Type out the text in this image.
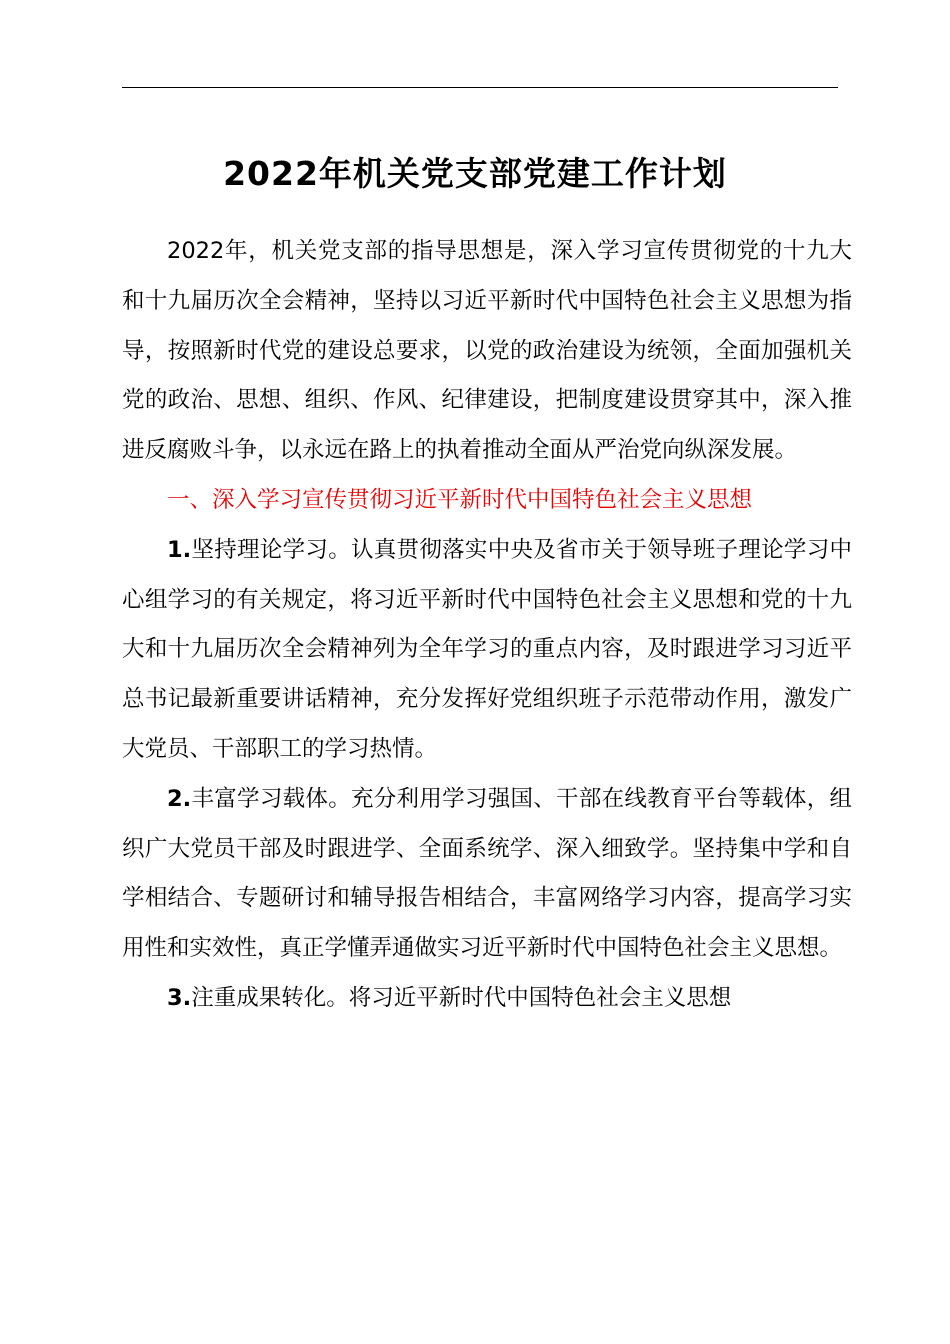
2022年机关党支部党建工作计划

2022年，机关党支部的指导思想是，深入学习宣传贯彻党的十九大和十九届历次全会精神，坚持以习近平新时代中国特色社会主义思想为指导，按照新时代党的建设总要求，以党的政治建设为统领，全面加强机关党的政治、思想、组织、作风、纪律建设，把制度建设贯穿其中，深入推进反腐败斗争，以永远在路上的执着推动全面从严治党向纵深发展。

一、深入学习宣传贯彻习近平新时代中国特色社会主义思想

1.坚持理论学习。认真贯彻落实中央及省市关于领导班子理论学习中心组学习的有关规定，将习近平新时代中国特色社会主义思想和党的十九大和十九届历次全会精神列为全年学习的重点内容，及时跟进学习习近平总书记最新重要讲话精神，充分发挥好党组织班子示范带动作用，激发广大党员、干部职工的学习热情。

2.丰富学习载体。充分利用学习强国、干部在线教育平台等载体，组织广大党员干部及时跟进学、全面系统学、深入细致学。坚持集中学和自学相结合、专题研讨和辅导报告相结合，丰富网络学习内容，提高学习实用性和实效性，真正学懂弄通做实习近平新时代中国特色社会主义思想。

3.注重成果转化。将习近平新时代中国特色社会主义思想
